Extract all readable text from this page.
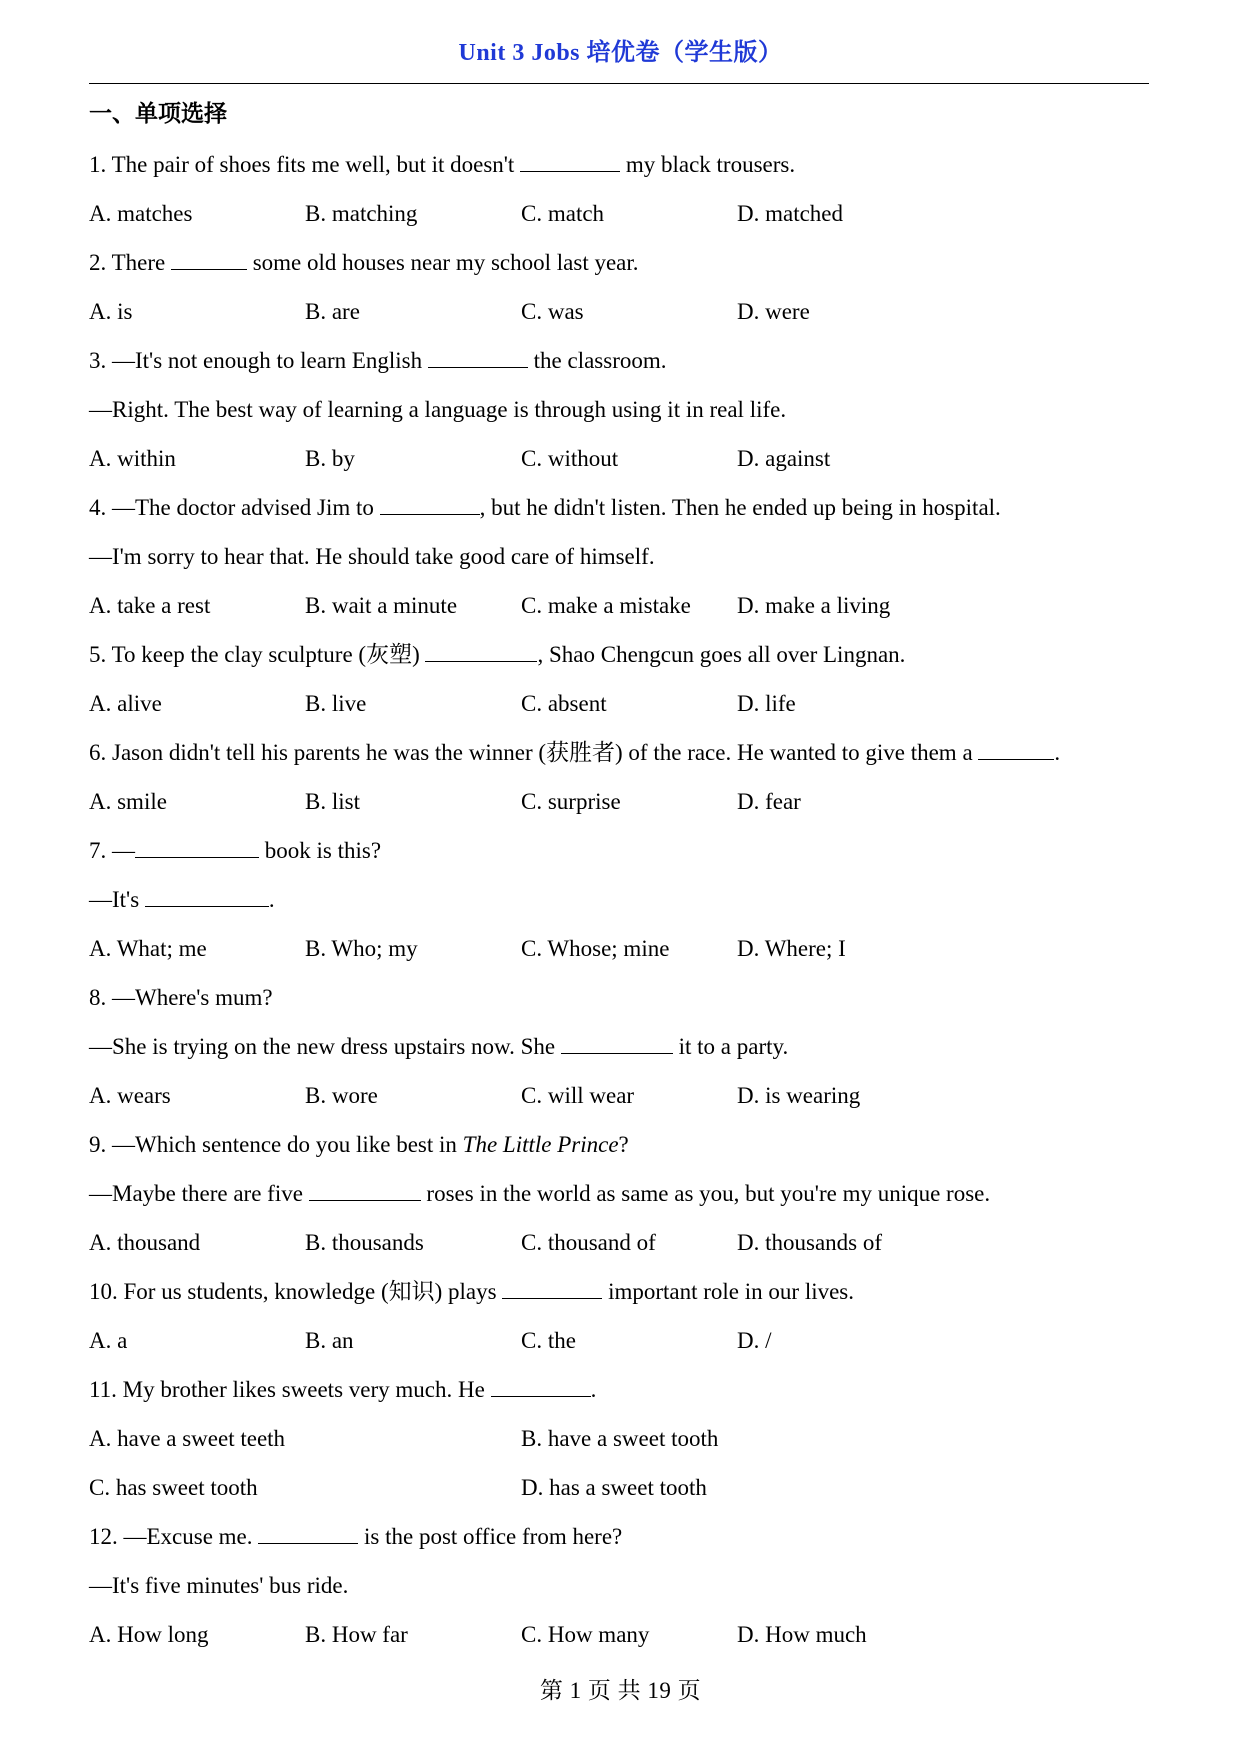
Unit 3 Jobs 培优卷（学生版）
一、单项选择
1. The pair of shoes fits me well, but it doesn't	my black trousers.
A. matches	B. matching	C. match	D. matched
2. There	some old houses near my school last year.
A. is	B. are	C. was	D. were
3. —It's not enough to learn English	the classroom.
—Right. The best way of learning a language is through using it in real life.
A. within	B. by	C. without	D. against
4. —The doctor advised Jim to	, but he didn't listen. Then he ended up being in hospital.
—I'm sorry to hear that. He should take good care of himself.
A. take a rest	B. wait a minute	C. make a mistake D. make a living
5. To keep the clay sculpture (灰塑)	, Shao Chengcun goes all over Lingnan.
A. alive	B. live	C. absent	D. life
6. Jason didn't tell his parents he was the winner (获胜者) of the race. He wanted to give them a	.
A. smile	B. list	C. surprise	D. fear
7. —	book is this?
—It's	.
A. What; me	B. Who; my	C. Whose; mine	D. Where; I
8. —Where's mum?
—She is trying on the new dress upstairs now. She	it to a party.
A. wears	B. wore	C. will wear	D. is wearing
9. —Which sentence do you like best in The Little Prince?
—Maybe there are five	roses in the world as same as you, but you're my unique rose.
A. thousand	B. thousands	C. thousand of	D. thousands of
10. For us students, knowledge (知识) plays	important role in our lives.
A. a	B. an	C. the	D. /
11. My brother likes sweets very much. He	.
A. have a sweet teeth	B. have a sweet tooth
C. has sweet tooth	D. has a sweet tooth
12. —Excuse me.	is the post office from here?
—It's five minutes' bus ride.
A. How long	B. How far	C. How many	D. How much
第 1 页 共 19 页
